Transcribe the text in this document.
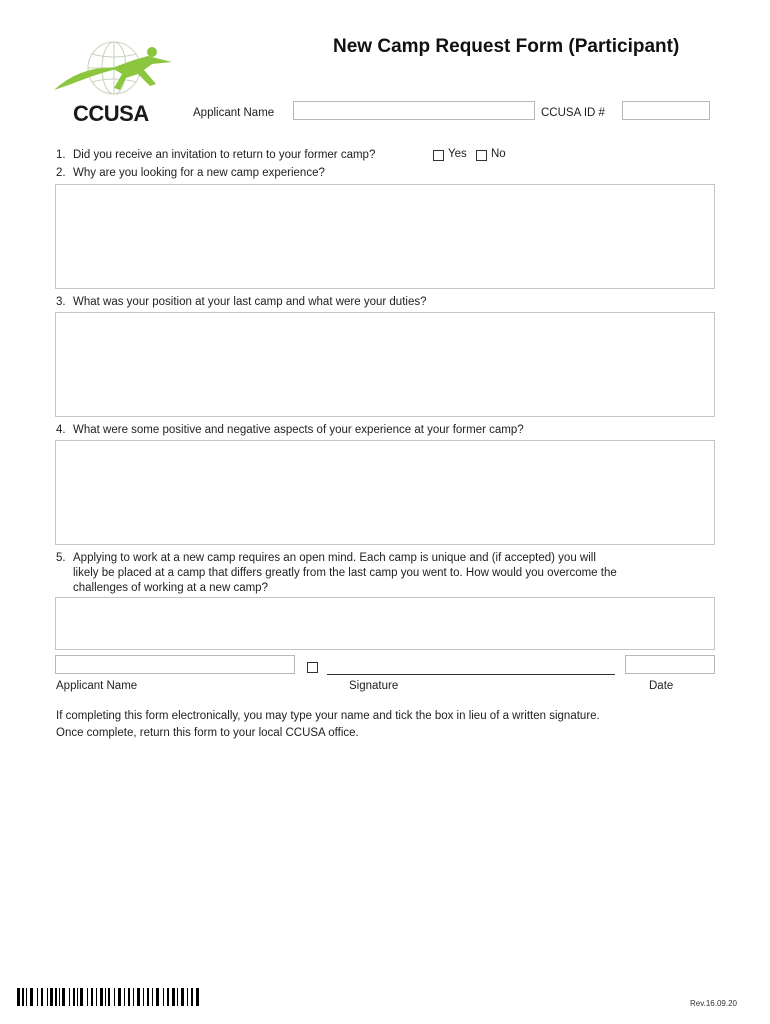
CCUSA
New Camp Request Form (Participant)
Applicant Name	CCUSA ID #
1. Did you receive an invitation to return to your former camp?	Yes No
2. Why are you looking for a new camp experience?
3. What was your position at your last camp and what were your duties?
4. What were some positive and negative aspects of your experience at your former camp?
5. Applying to work at a new camp requires an open mind. Each camp is unique and (if accepted) you will
likely be placed at a camp that differs greatly from the last camp you went to. How would you overcome the
challenges of working at a new camp?
Applicant Name	Signature	Date
If completing this form electronically, you may type your name and tick the box in lieu of a written signature.
Once complete, return this form to your local CCUSA office.
Rev.16.09.20
